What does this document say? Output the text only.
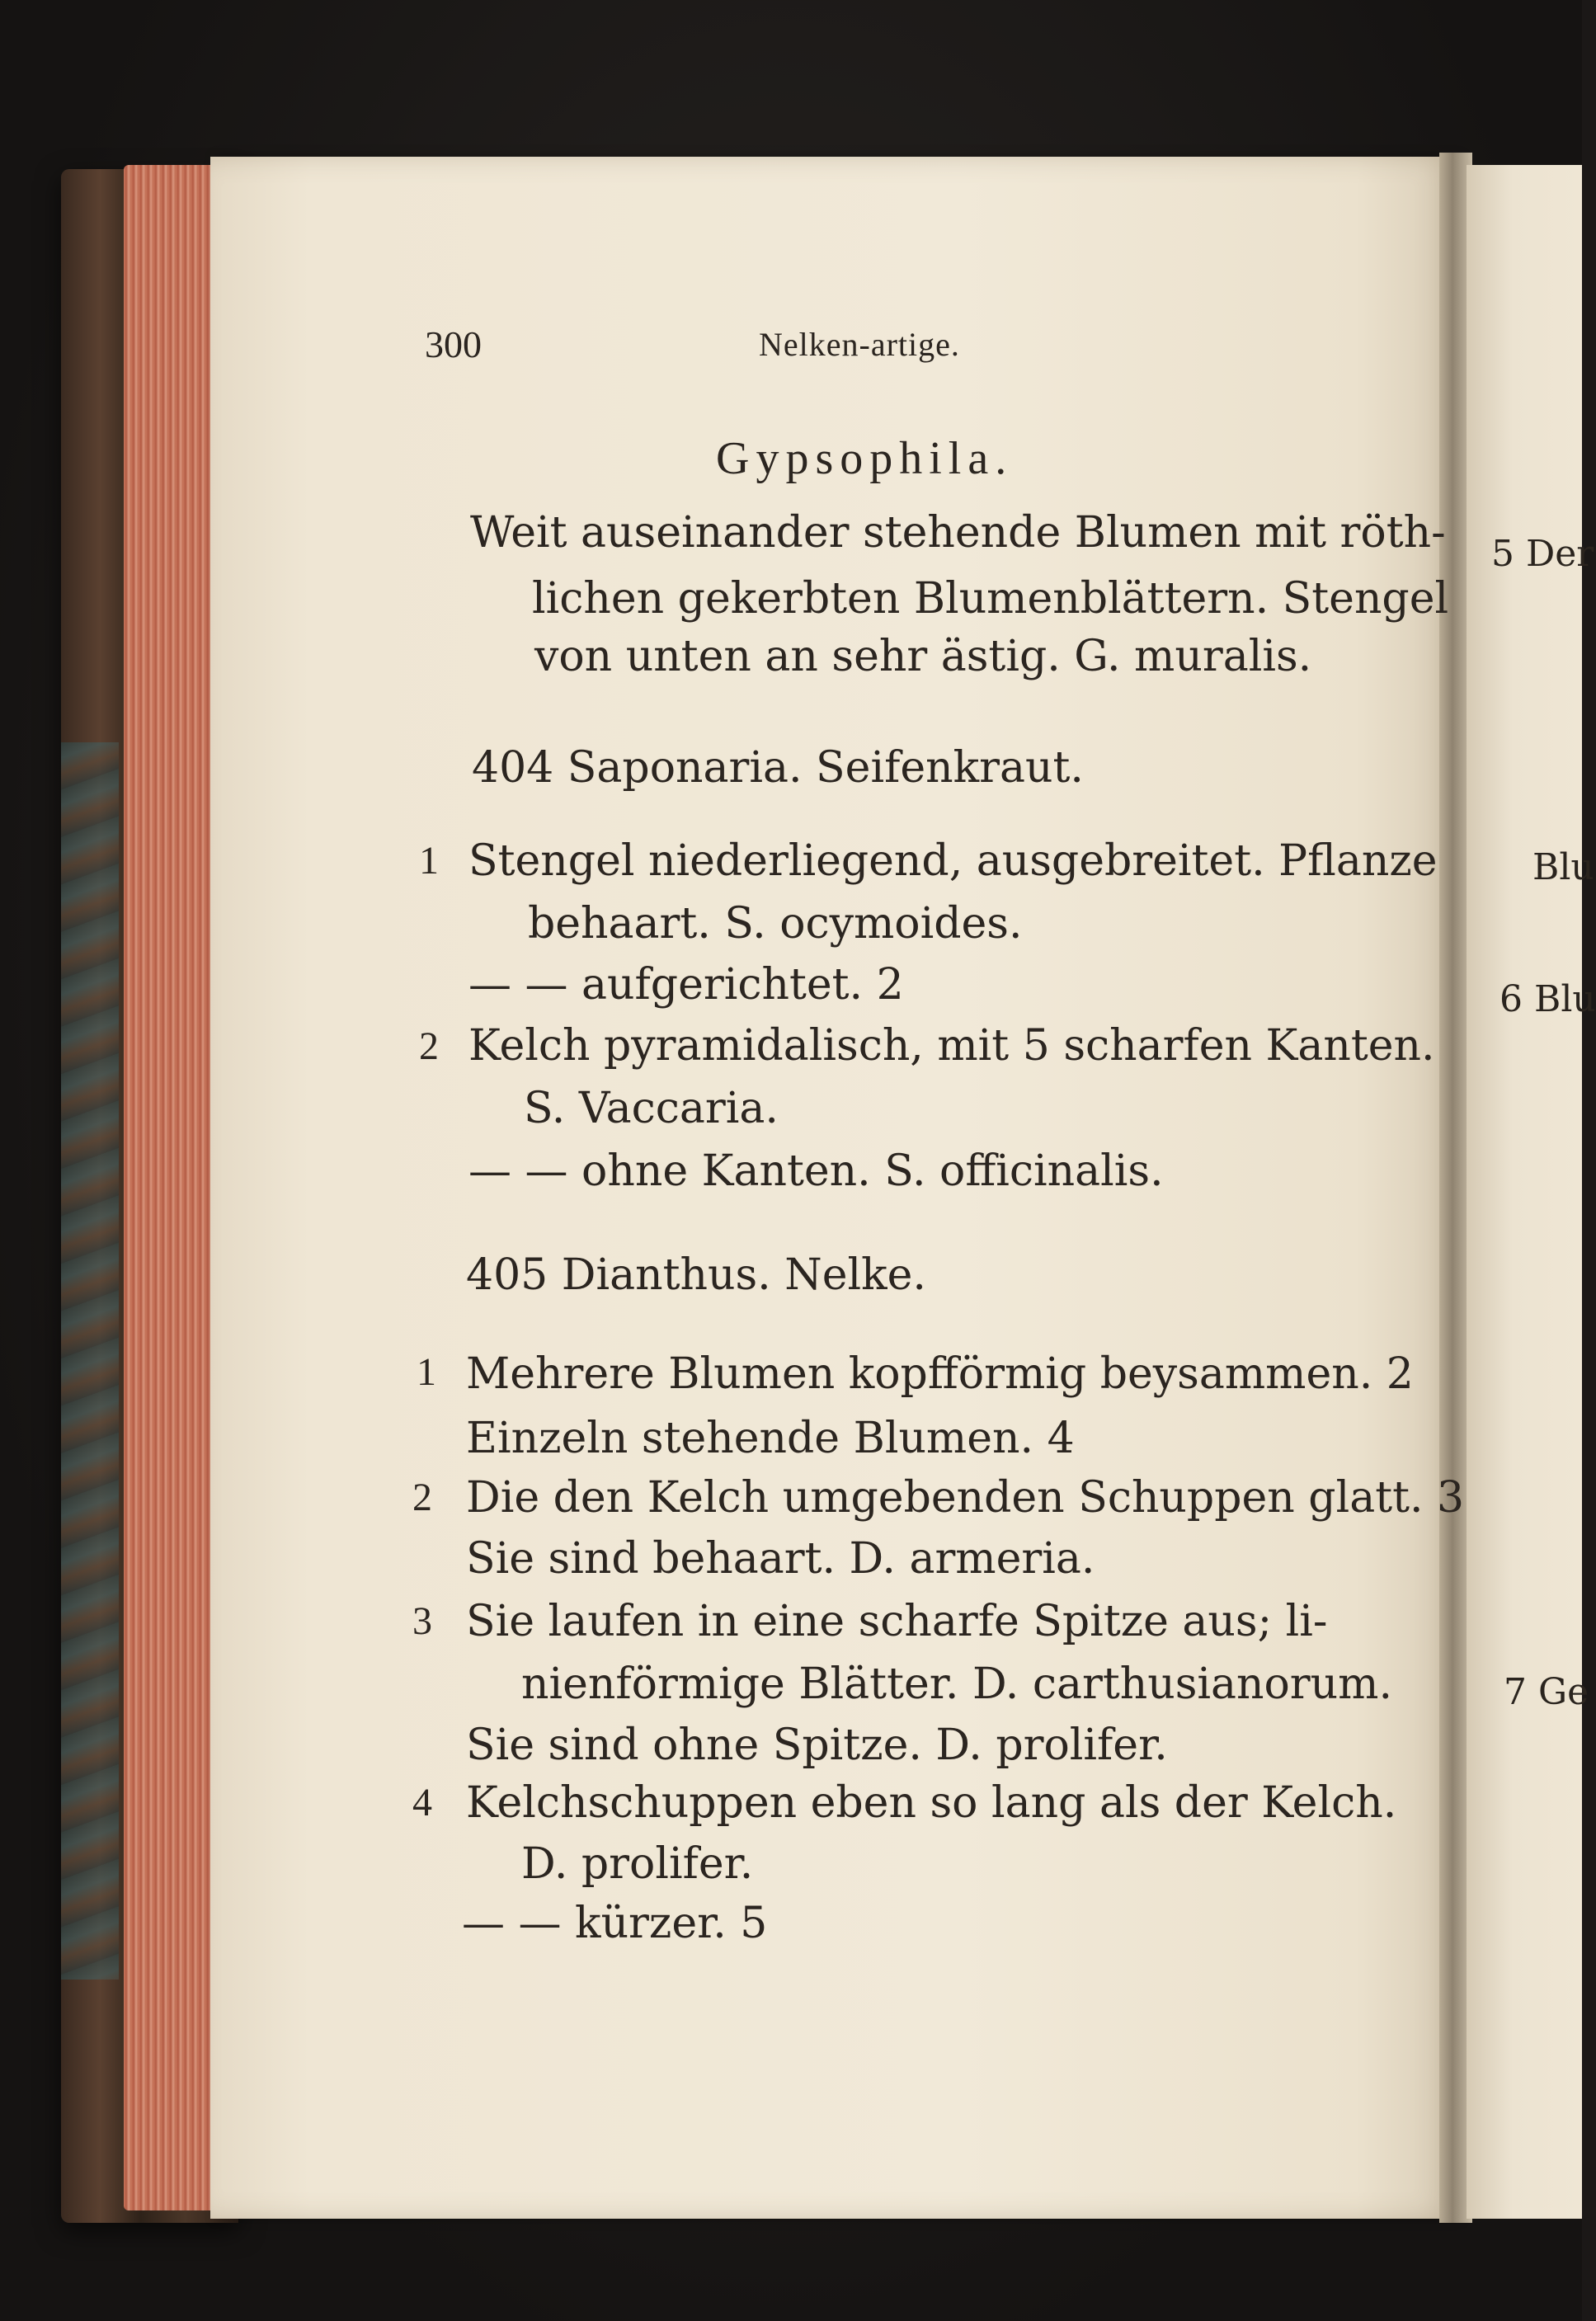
5 Der
Blu
6 Blu
7 Ge
300	Nelken-artige.
Gypsophila.
Weit auseinander stehende Blumen mit röth-
lichen gekerbten Blumenblättern. Stengel
von unten an sehr ästig. G. muralis.
404 Saponaria. Seifenkraut.
1 Stengel niederliegend, ausgebreitet. Pflanze
behaart. S. ocymoides.
— — aufgerichtet. 2
2 Kelch pyramidalisch, mit 5 scharfen Kanten.
S. Vaccaria.
— — ohne Kanten. S. officinalis.
405 Dianthus. Nelke.
1 Mehrere Blumen kopfförmig beysammen. 2
Einzeln stehende Blumen. 4
2 Die den Kelch umgebenden Schuppen glatt. 3
Sie sind behaart. D. armeria.
3 Sie laufen in eine scharfe Spitze aus; li-
nienförmige Blätter. D. carthusianorum.
Sie sind ohne Spitze. D. prolifer.
4 Kelchschuppen eben so lang als der Kelch.
D. prolifer.
— — kürzer. 5
